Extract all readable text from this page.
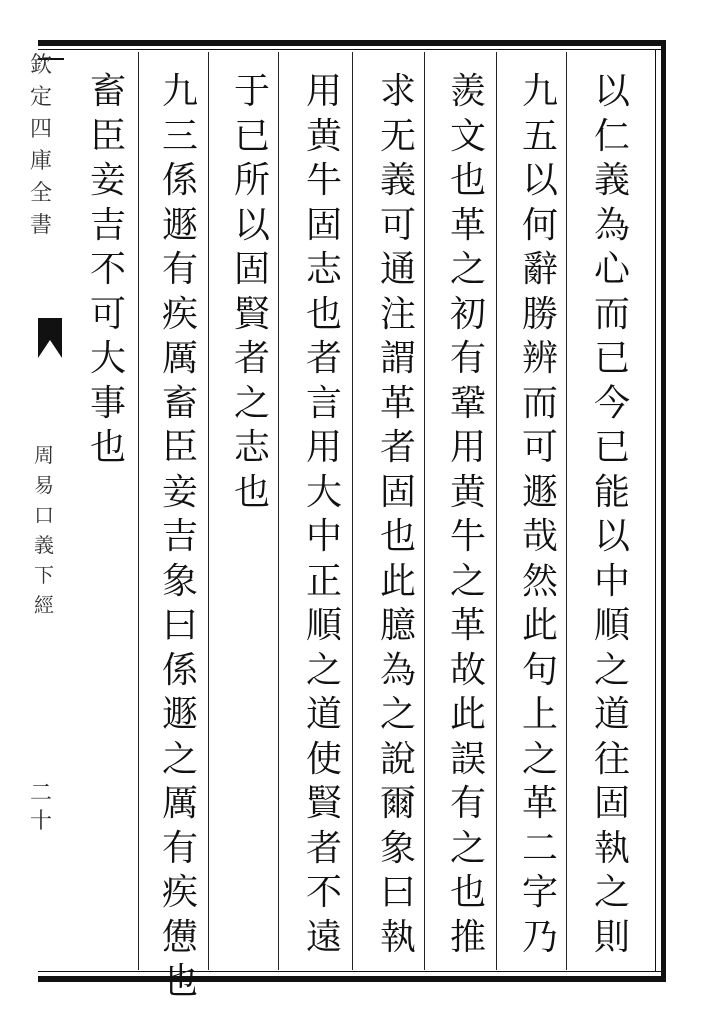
欽
定
四
庫
全
書
周
易
口
義
下
經
二
十
以
仁
義
為
心
而
已
今
已
能
以
中
順
之
道
往
固
執
之
則
九
五
以
何
辭
勝
辨
而
可
遯
哉
然
此
句
上
之
革
二
字
乃
羨
文
也
革
之
初
有
鞏
用
黄
牛
之
革
故
此
誤
有
之
也
推
求
无
義
可
通
注
謂
革
者
固
也
此
臆
為
之
說
爾
象
曰
執
用
黄
牛
固
志
也
者
言
用
大
中
正
順
之
道
使
賢
者
不
遠
于
已
所
以
固
賢
者
之
志
也
九
三
係
遯
有
疾
厲
畜
臣
妾
吉
象
曰
係
遯
之
厲
有
疾
憊
也
畜
臣
妾
吉
不
可
大
事
也
